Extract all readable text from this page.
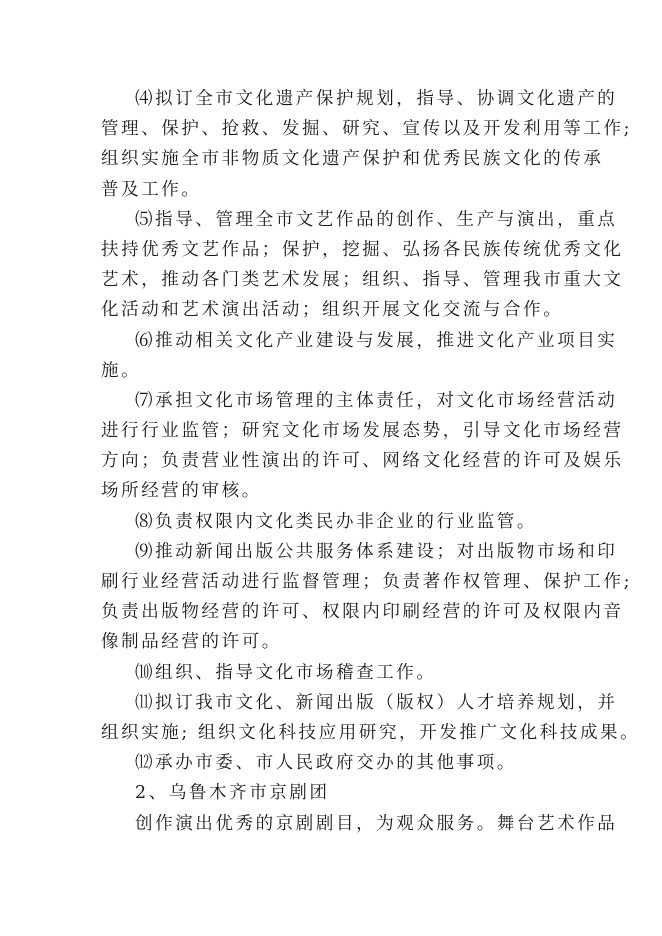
⑷拟订全市文化遗产保护规划，指导、协调文化遗产的
管理、保护、抢救、发掘、研究、宣传以及开发利用等工作;
组织实施全市非物质文化遗产保护和优秀民族文化的传承
普及工作。
⑸指导、管理全市文艺作品的创作、生产与演出，重点
扶持优秀文艺作品；保护，挖掘、弘扬各民族传统优秀文化
艺术，推动各门类艺术发展；组织、指导、管理我市重大文
化活动和艺术演出活动；组织开展文化交流与合作。
⑹推动相关文化产业建设与发展，推进文化产业项目实
施。
⑺承担文化市场管理的主体责任，对文化市场经营活动
进行行业监管；研究文化市场发展态势，引导文化市场经营
方向；负责营业性演出的许可、网络文化经营的许可及娱乐
场所经营的审核。
⑻负责权限内文化类民办非企业的行业监管。
⑼推动新闻出版公共服务体系建设；对出版物市场和印
刷行业经营活动进行监督管理；负责著作权管理、保护工作;
负责出版物经营的许可、权限内印刷经营的许可及权限内音
像制品经营的许可。
⑽组织、指导文化市场稽查工作。
⑾拟订我市文化、新闻出版（版权）人才培养规划，并
组织实施; 组织文化科技应用研究，开发推广文化科技成果。
⑿承办市委、市人民政府交办的其他事项。
2、乌鲁木齐市京剧团
创作演出优秀的京剧剧目，为观众服务。舞台艺术作品
